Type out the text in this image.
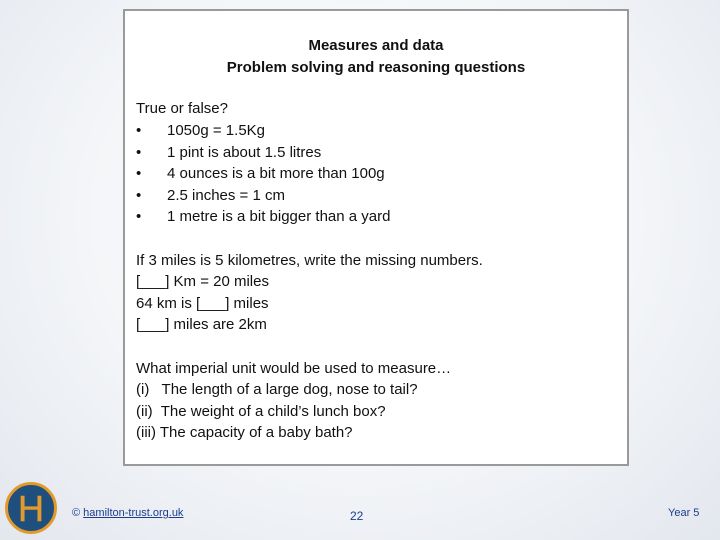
Measures and data
Problem solving and reasoning questions
True or false?
• 1050g = 1.5Kg
• 1 pint is about 1.5 litres
• 4 ounces is a bit more than 100g
• 2.5 inches = 1 cm
• 1 metre is a bit bigger than a yard
If 3 miles is 5 kilometres, write the missing numbers.
[___] Km = 20 miles
64 km is [___] miles
[___] miles are 2km
What imperial unit would be used to measure…
(i)   The length of a large dog, nose to tail?
(ii)  The weight of a child’s lunch box?
(iii) The capacity of a baby bath?
H	© hamilton-trust.org.uk	22	Year 5
